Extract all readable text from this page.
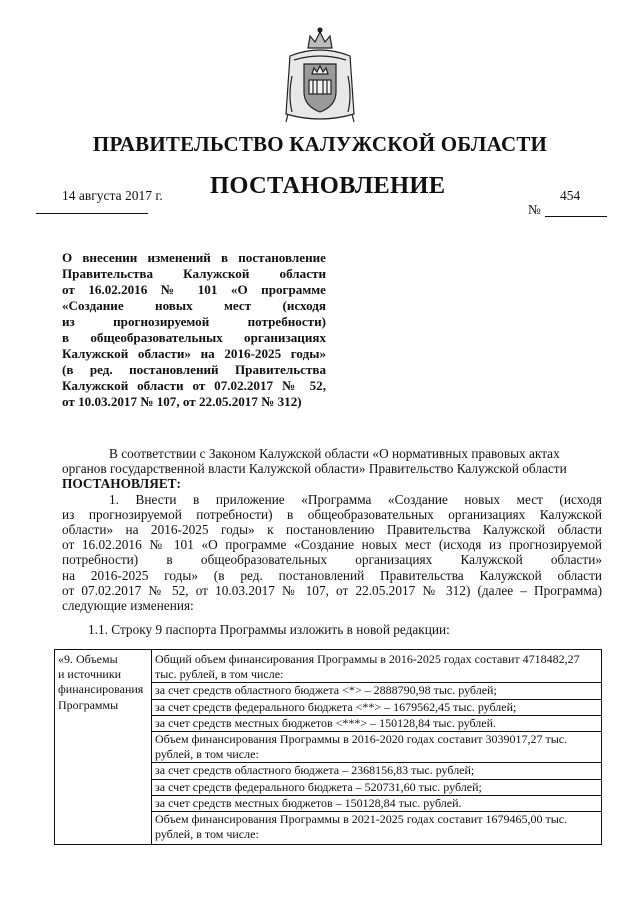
ПРАВИТЕЛЬСТВО КАЛУЖСКОЙ ОБЛАСТИ
14 августа 2017 г. ПОСТАНОВЛЕНИЕ	454
№
О внесении изменений в постановление
Правительства Калужской области
от 16.02.2016 № 101 «О программе
«Создание новых мест (исходя
из прогнозируемой потребности)
в общеобразовательных организациях
Калужской области» на 2016-2025 годы»
(в ред. постановлений Правительства
Калужской области от 07.02.2017 № 52,
от 10.03.2017 № 107, от 22.05.2017 № 312)
В соответствии с Законом Калужской области «О нормативных правовых актах
органов государственной власти Калужской области» Правительство Калужской области
ПОСТАНОВЛЯЕТ:
1. Внести в приложение «Программа «Создание новых мест (исходя
из прогнозируемой потребности) в общеобразовательных организациях Калужской
области» на 2016-2025 годы» к постановлению Правительства Калужской области
от 16.02.2016 № 101 «О программе «Создание новых мест (исходя из прогнозируемой
потребности) в общеобразовательных организациях Калужской области»
на 2016-2025 годы» (в ред. постановлений Правительства Калужской области
от 07.02.2017 № 52, от 10.03.2017 № 107, от 22.05.2017 № 312) (далее – Программа)
следующие изменения:
1.1. Строку 9 паспорта Программы изложить в новой редакции:
«9. Объемы
и источники
финансирования
Программы

Общий объем финансирования Программы в 2016-2025 годах составит 4718482,27 тыс. рублей, в том числе:
за счет средств областного бюджета <*> – 2888790,98 тыс. рублей;
за счет средств федерального бюджета <**> – 1679562,45 тыс. рублей;
за счет средств местных бюджетов <***> – 150128,84 тыс. рублей.
Объем финансирования Программы в 2016-2020 годах составит 3039017,27 тыс. рублей, в том числе:
за счет средств областного бюджета – 2368156,83 тыс. рублей;
за счет средств федерального бюджета – 520731,60 тыс. рублей;
за счет средств местных бюджетов – 150128,84 тыс. рублей.
Объем финансирования Программы в 2021-2025 годах составит 1679465,00 тыс. рублей, в том числе:
